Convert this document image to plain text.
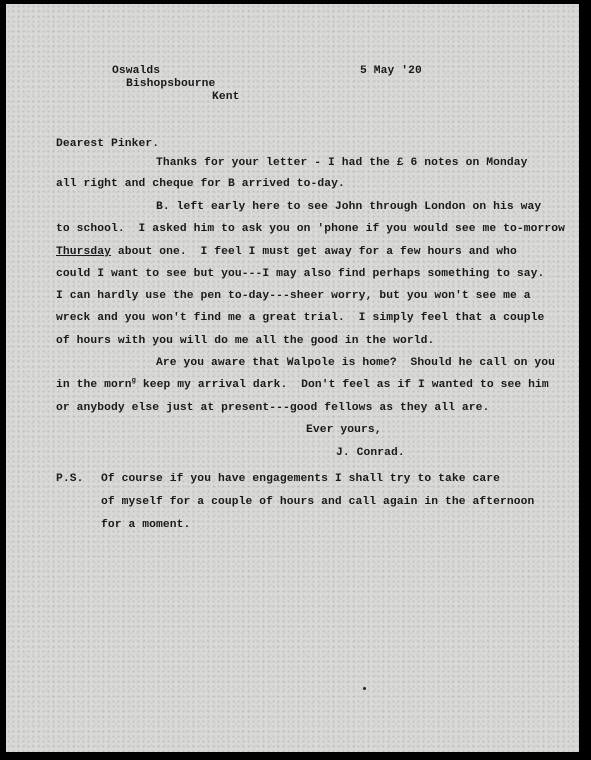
Oswalds
Bishopsbourne
Kent
5 May '20
Dearest Pinker.
Thanks for your letter - I had the £ 6 notes on Monday
all right and cheque for B arrived to-day.
B. left early here to see John through London on his way
to school.  I asked him to ask you on 'phone if you would see me to-morrow
Thursday about one.  I feel I must get away for a few hours and who
could I want to see but you---I may also find perhaps something to say.
I can hardly use the pen to-day---sheer worry, but you won't see me a
wreck and you won't find me a great trial.  I simply feel that a couple
of hours with you will do me all the good in the world.
Are you aware that Walpole is home?  Should he call on you
in the morn$^g$ keep my arrival dark.  Don't feel as if I wanted to see him
or anybody else just at present---good fellows as they all are.
Ever yours,
J. Conrad.
P.S. Of course if you have engagements I shall try to take care
of myself for a couple of hours and call again in the afternoon
for a moment.
